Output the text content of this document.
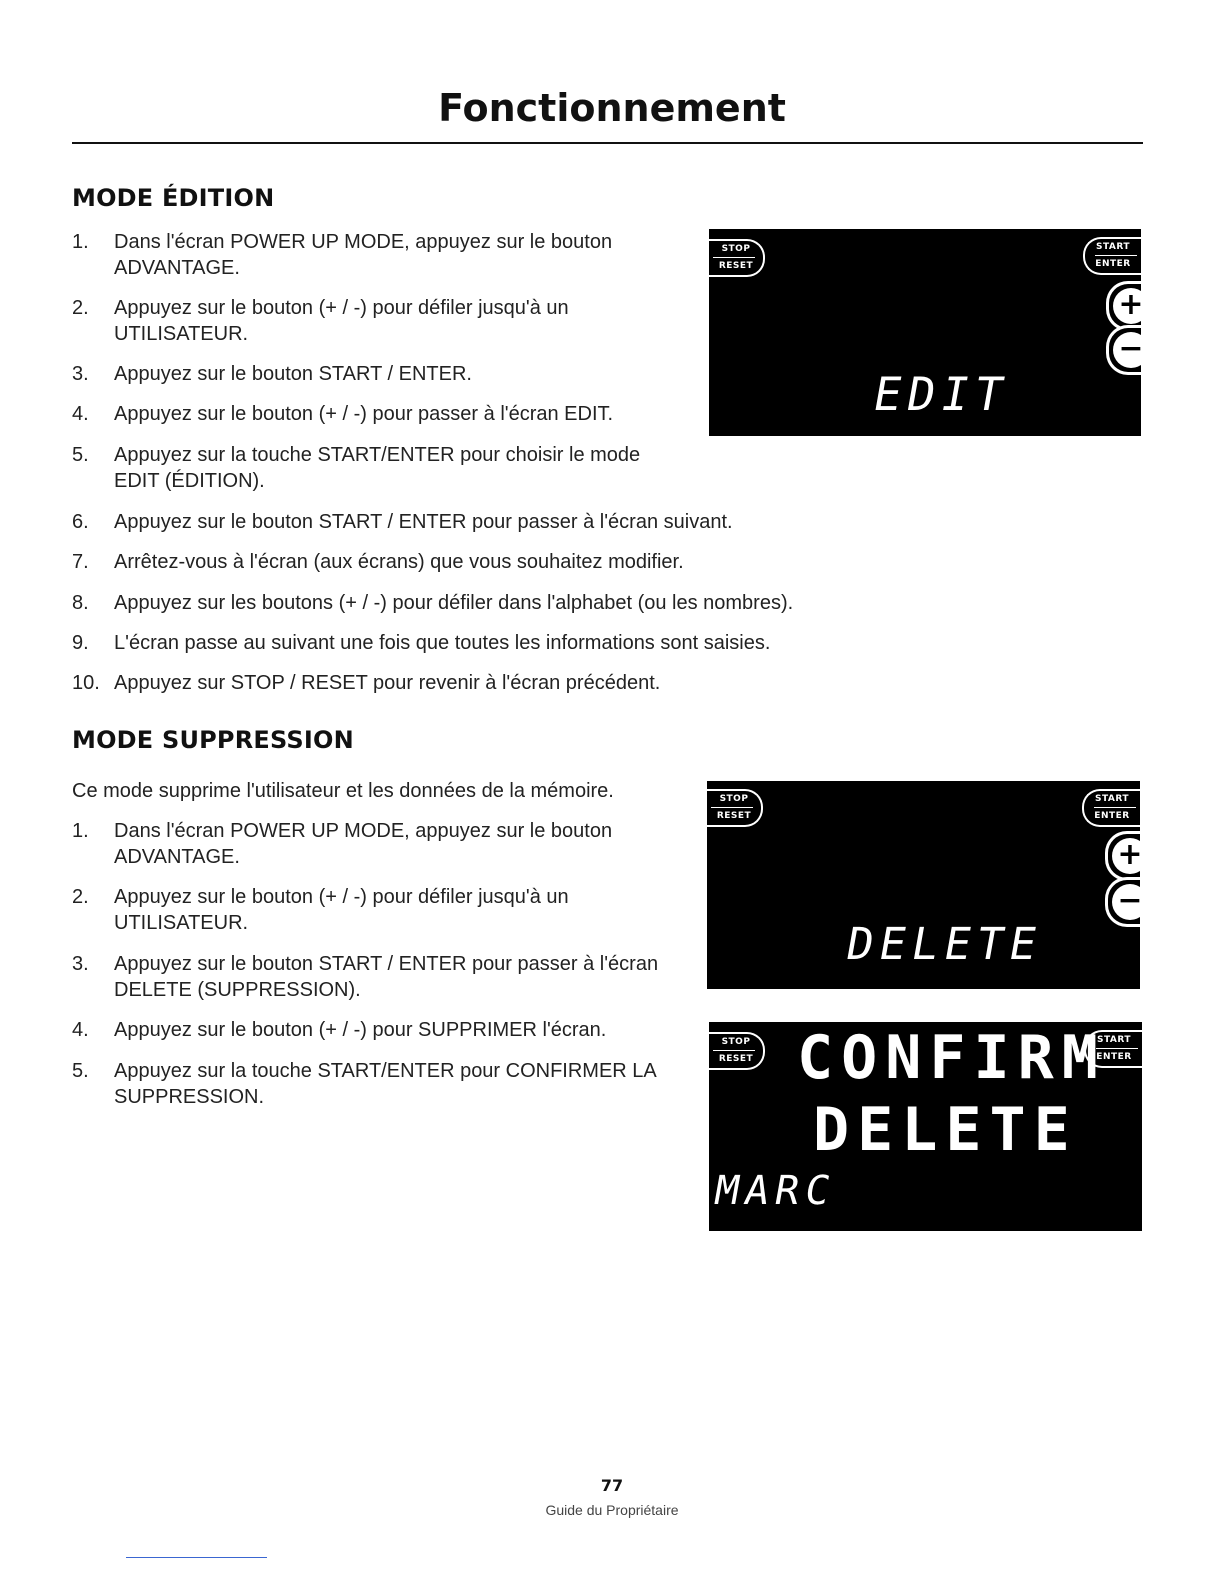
Fonctionnement
MODE ÉDITION
1. Dans l'écran POWER UP MODE, appuyez sur le bouton
ADVANTAGE.
2. Appuyez sur le bouton (+ / -) pour défiler jusqu'à un
UTILISATEUR.
3. Appuyez sur le bouton START / ENTER.
4. Appuyez sur le bouton (+ / -) pour passer à l'écran EDIT.
5. Appuyez sur la touche START/ENTER pour choisir le mode
EDIT (ÉDITION).
6. Appuyez sur le bouton START / ENTER pour passer à l'écran suivant.
7. Arrêtez-vous à l'écran (aux écrans) que vous souhaitez modifier.
8. Appuyez sur les boutons (+ / -) pour défiler dans l'alphabet (ou les nombres).
9. L'écran passe au suivant une fois que toutes les informations sont saisies.
10. Appuyez sur STOP / RESET pour revenir à l'écran précédent.
STOP
RESET
START
ENTER
+
−
EDIT
MODE SUPPRESSION
Ce mode supprime l'utilisateur et les données de la mémoire.
1. Dans l'écran POWER UP MODE, appuyez sur le bouton
ADVANTAGE.
2. Appuyez sur le bouton (+ / -) pour défiler jusqu'à un
UTILISATEUR.
3. Appuyez sur le bouton START / ENTER pour passer à l'écran
DELETE (SUPPRESSION).
4. Appuyez sur le bouton (+ / -) pour SUPPRIMER l'écran.
5. Appuyez sur la touche START/ENTER pour CONFIRMER LA
SUPPRESSION.
STOP
RESET
START
ENTER
+
−
DELETE
STOP
RESET
START
ENTER
CONFIRM
DELETE
MARC
77
Guide du Propriétaire
